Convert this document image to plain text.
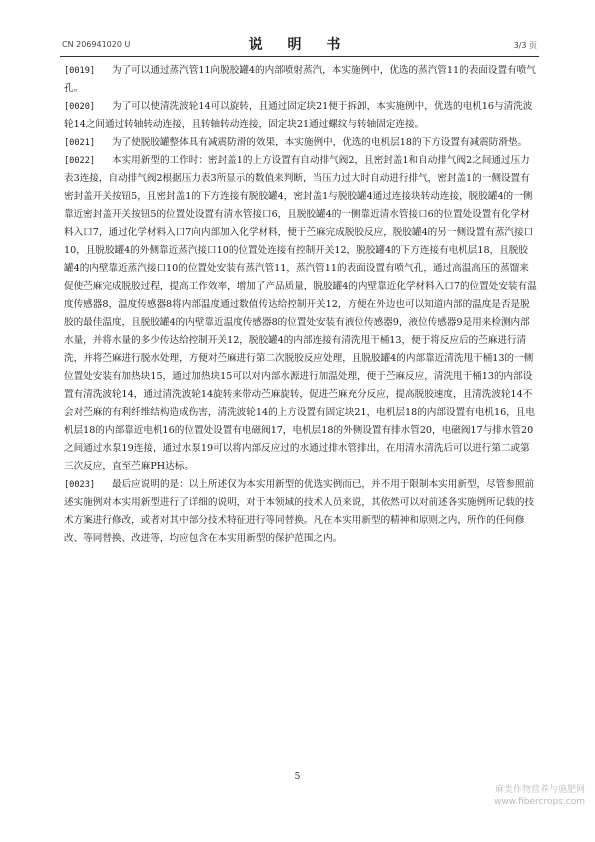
CN 206941020 U	说 明 书	3/3 页

[0019] 为了可以通过蒸汽管11向脱胶罐4的内部喷射蒸汽，本实施例中，优选的蒸汽管11的表面设置有喷气孔。

[0020] 为了可以使清洗波轮14可以旋转，且通过固定块21便于拆卸，本实施例中，优选的电机16与清洗波轮14之间通过转轴转动连接，且转轴转动连接，固定块21通过螺纹与转轴固定连接。

[0021] 为了使脱胶罐整体具有减震防滑的效果，本实施例中，优选的电机层18的下方设置有减震防滑垫。

[0022] 本实用新型的工作时：密封盖1的上方设置有自动排气阀2，且密封盖1和自动排气阀2之间通过压力表3连接，自动排气阀2根据压力表3所显示的数值来判断，当压力过大时自动进行排气，密封盖1的一侧设置有密封盖开关按钮5，且密封盖1的下方连接有脱胶罐4，密封盖1与脱胶罐4通过连接块转动连接，脱胶罐4的一侧靠近密封盖开关按钮5的位置处设置有清水管接口6，且脱胶罐4的一侧靠近清水管接口6的位置处设置有化学材料入口7，通过化学材料入口7向内部加入化学材料，便于苎麻完成脱胶反应，脱胶罐4的另一侧设置有蒸汽接口10，且脱胶罐4的外侧靠近蒸汽接口10的位置处连接有控制开关12，脱胶罐4的下方连接有电机层18，且脱胶罐4的内壁靠近蒸汽接口10的位置处安装有蒸汽管11，蒸汽管11的表面设置有喷气孔，通过高温高压的蒸馏来促使苎麻完成脱胶过程，提高工作效率，增加了产品质量，脱胶罐4的内壁靠近化学材料入口7的位置处安装有温度传感器8，温度传感器8将内部温度通过数值传达给控制开关12，方便在外边也可以知道内部的温度是否是脱胶的最佳温度，且脱胶罐4的内壁靠近温度传感器8的位置处安装有液位传感器9，液位传感器9是用来检测内部水量，并将水量的多少传达给控制开关12，脱胶罐4的内部连接有清洗甩干桶13，便于将反应后的苎麻进行清洗，并将苎麻进行脱水处理，方便对苎麻进行第二次脱胶反应处理，且脱胶罐4的内部靠近清洗甩干桶13的一侧位置处安装有加热块15，通过加热块15可以对内部水源进行加温处理，便于苎麻反应，清洗甩干桶13的内部设置有清洗波轮14，通过清洗波轮14旋转来带动苎麻旋转，促进苎麻充分反应，提高脱胶速度，且清洗波轮14不会对苎麻的有利纤维结构造成伤害，清洗波轮14的上方设置有固定块21，电机层18的内部设置有电机16，且电机层18的内部靠近电机16的位置处设置有电磁阀17，电机层18的外侧设置有排水管20，电磁阀17与排水管20之间通过水泵19连接，通过水泵19可以将内部反应过的水通过排水管排出，在用清水清洗后可以进行第二或第三次反应，直至苎麻PH达标。

[0023] 最后应说明的是：以上所述仅为本实用新型的优选实例而已，并不用于限制本实用新型，尽管参照前述实施例对本实用新型进行了详细的说明，对于本领域的技术人员来说，其依然可以对前述各实施例所记载的技术方案进行修改，或者对其中部分技术特征进行等同替换。凡在本实用新型的精神和原则之内，所作的任何修改、等同替换、改进等，均应包含在本实用新型的保护范围之内。

5
麻类作物营养与施肥网
www.fibercrops.com
